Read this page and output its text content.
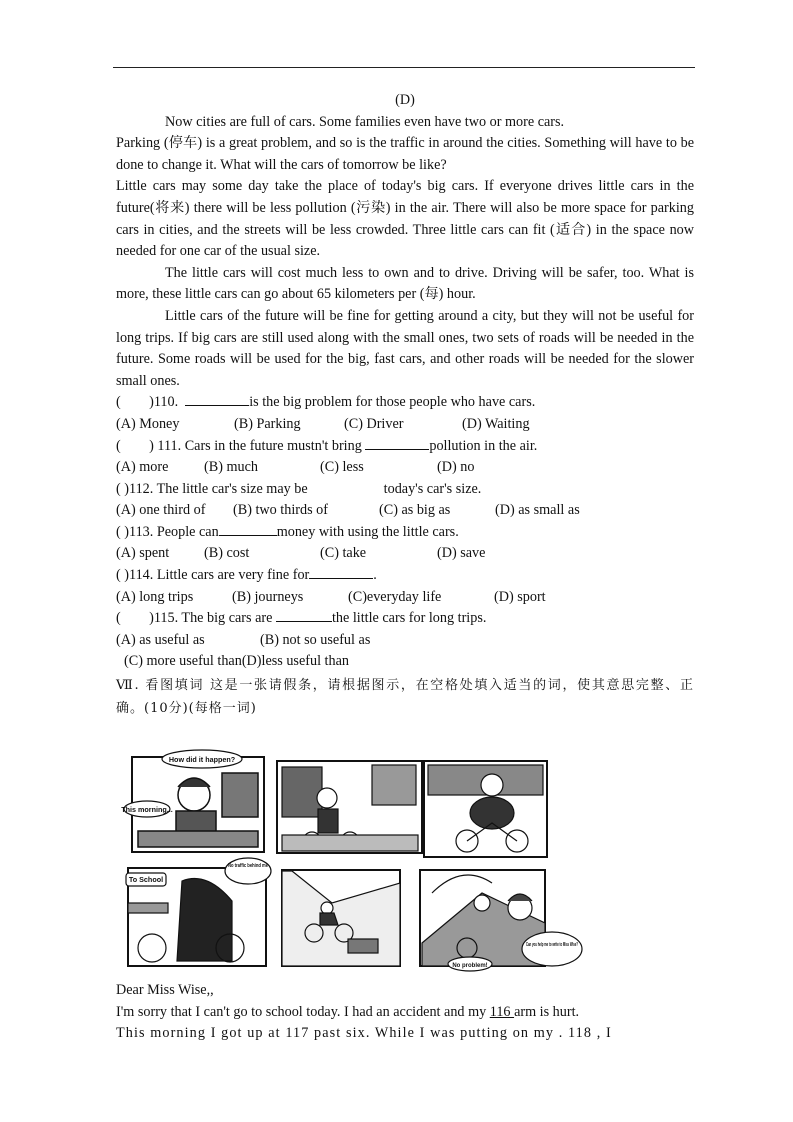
(D)

Now cities are full of cars. Some families even have two or more cars.

Parking (停车) is a great problem, and so is the traffic in around the cities. Something will have to be done to change it. What will the cars of tomorrow be like?

Little cars may some day take the place of today's big cars. If everyone drives little cars in the future(将来) there will be less pollution (污染) in the air. There will also be more space for parking cars in cities, and the streets will be less crowded. Three little cars can fit (适合) in the space now needed for one car of the usual size.

The little cars will cost much less to own and to drive. Driving will be safer, too. What is more, these little cars can go about 65 kilometers per (每) hour.

Little cars of the future will be fine for getting around a city, but they will not be useful for long trips. If big cars are still used along with the small ones, two sets of roads will be needed in the future. Some roads will be used for the big, fast cars, and other roads will be needed for the slower small ones.

(        )110.	is the big problem for those people who have cars.

(A) Money	(B) Parking	(C) Driver	(D) Waiting

(        ) 111. Cars in the future mustn't bring	pollution in the air.

(A) more	(B) much	(C) less	(D) no

( )112. The little car's size may be	today's car's size.

(A) one third of	(B) two thirds of	(C) as big as	(D) as small as

( )113. People can	money with using the little cars.

(A) spent	(B) cost	(C) take	(D) save

( )114. Little cars are very fine for	.

(A) long trips	(B) journeys	(C)everyday life	(D) sport

(        )115. The big cars are	the little cars for long trips.

(A) as useful as	(B) not so useful as
(C) more useful than (D)less useful than

Ⅶ. 看图填词 这是一张请假条，请根据图示，在空格处填入适当的词，使其意思完整、正确。(10分)(每格一词)

How did it happen?
This morning...
To School
No traffic behind me
Can you help me to write to Miss Wise?
No problem!

Dear Miss Wise,,

I'm sorry that I can't go to school today. I had an accident and my 116 arm is hurt.

This morning I got up at 117 past six. While I was putting on my . 118 , I
